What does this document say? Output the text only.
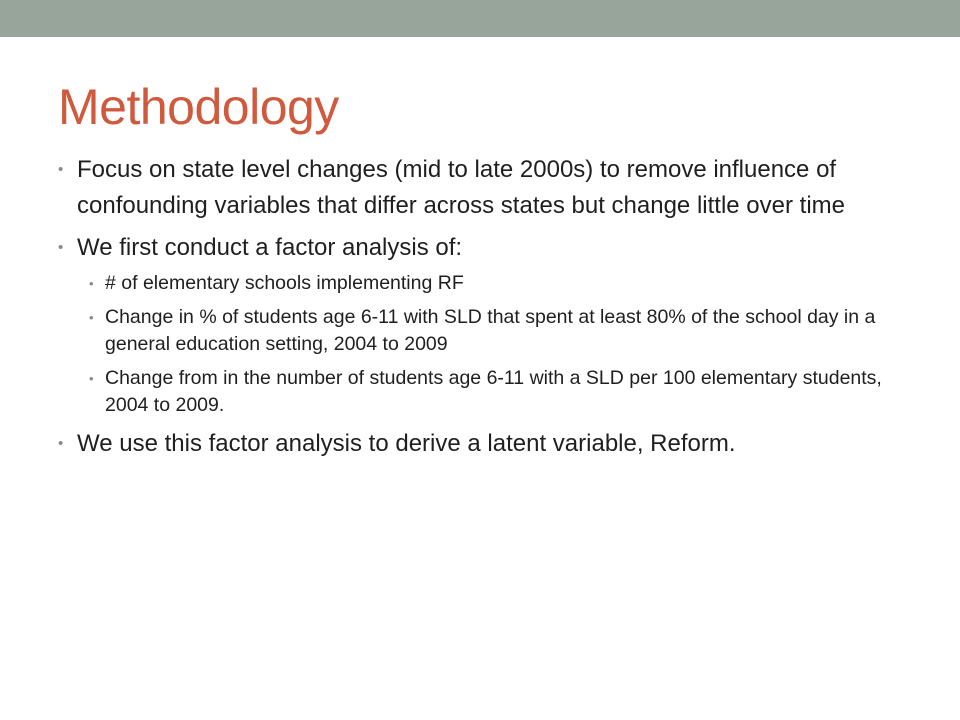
Methodology
• Focus on state level changes (mid to late 2000s) to remove influence of confounding variables that differ across states but change little over time
• We first conduct a factor analysis of:
• # of elementary schools implementing RF
• Change in % of students age 6-11 with SLD that spent at least 80% of the school day in a general education setting, 2004 to 2009
• Change from in the number of students age 6-11 with a SLD per 100 elementary students, 2004 to 2009.
• We use this factor analysis to derive a latent variable, Reform.
